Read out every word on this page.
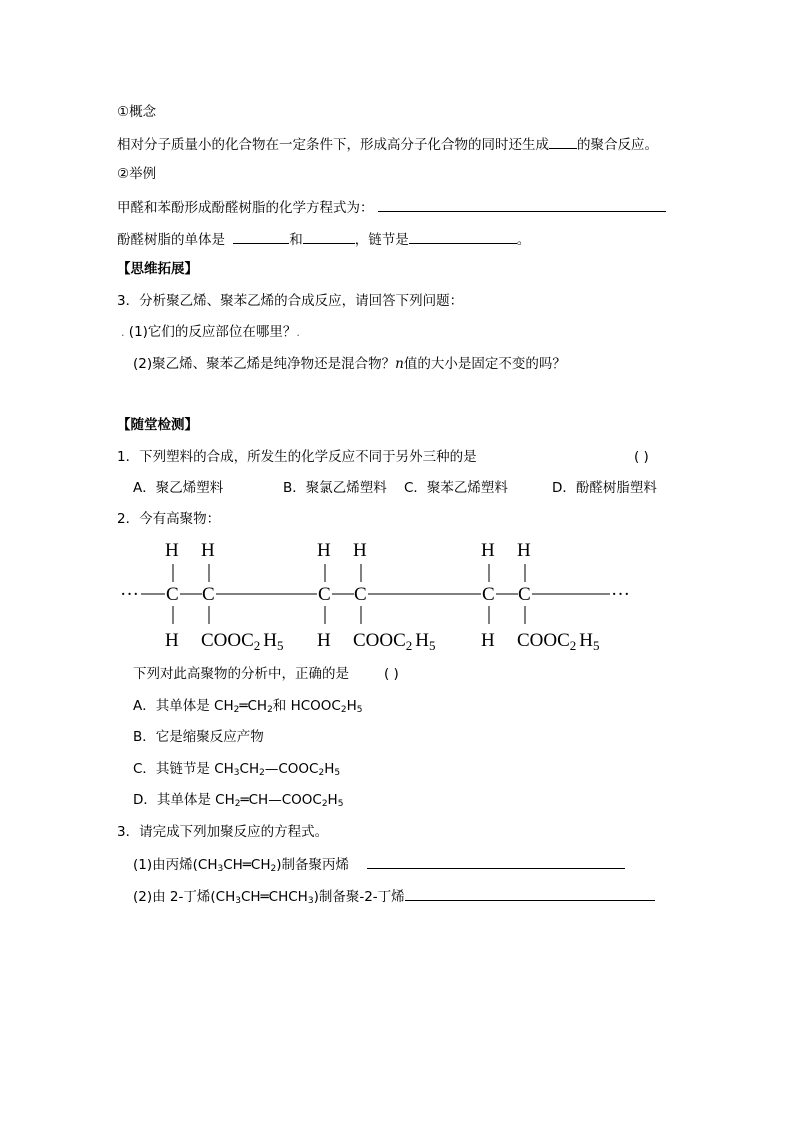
①概念
相对分子质量小的化合物在一定条件下，形成高分子化合物的同时还生成 的聚合反应。
②举例
甲醛和苯酚形成酚醛树脂的化学方程式为：
酚醛树脂的单体是	和	，链节是	。
【思维拓展】
3．分析聚乙烯、聚苯乙烯的合成反应，请回答下列问题：
. (1)它们的反应部位在哪里？.
(2)聚乙烯、聚苯乙烯是纯净物还是混合物？n值的大小是固定不变的吗？
【随堂检测】
1．下列塑料的合成，所发生的化学反应不同于另外三种的是	( )
A．聚乙烯塑料	B．聚氯乙烯塑料 C．聚苯乙烯塑料	D．酚醛树脂塑料
2．今有高聚物：
H H
··· C C
H $COOC_2$ $H_5$
H H
C C
H $COOC_2$ $H_5$
H H
C C	···
H $COOC_2$ $H_5$
下列对此高聚物的分析中，正确的是	( )
A．其单体是 $CH_2═CH_2$和 $HCOOC_2H_5$
B．它是缩聚反应产物
C．其链节是 $CH_3CH_2—COOC_2H_5$
D．其单体是 $CH_2═CH—COOC_2H_5$
3．请完成下列加聚反应的方程式。
(1)由丙烯$(CH_3CH═CH_2)$制备聚丙烯
(2)由 2-丁烯$(CH_3CH═CHCH_3)$制备聚-2-丁烯
